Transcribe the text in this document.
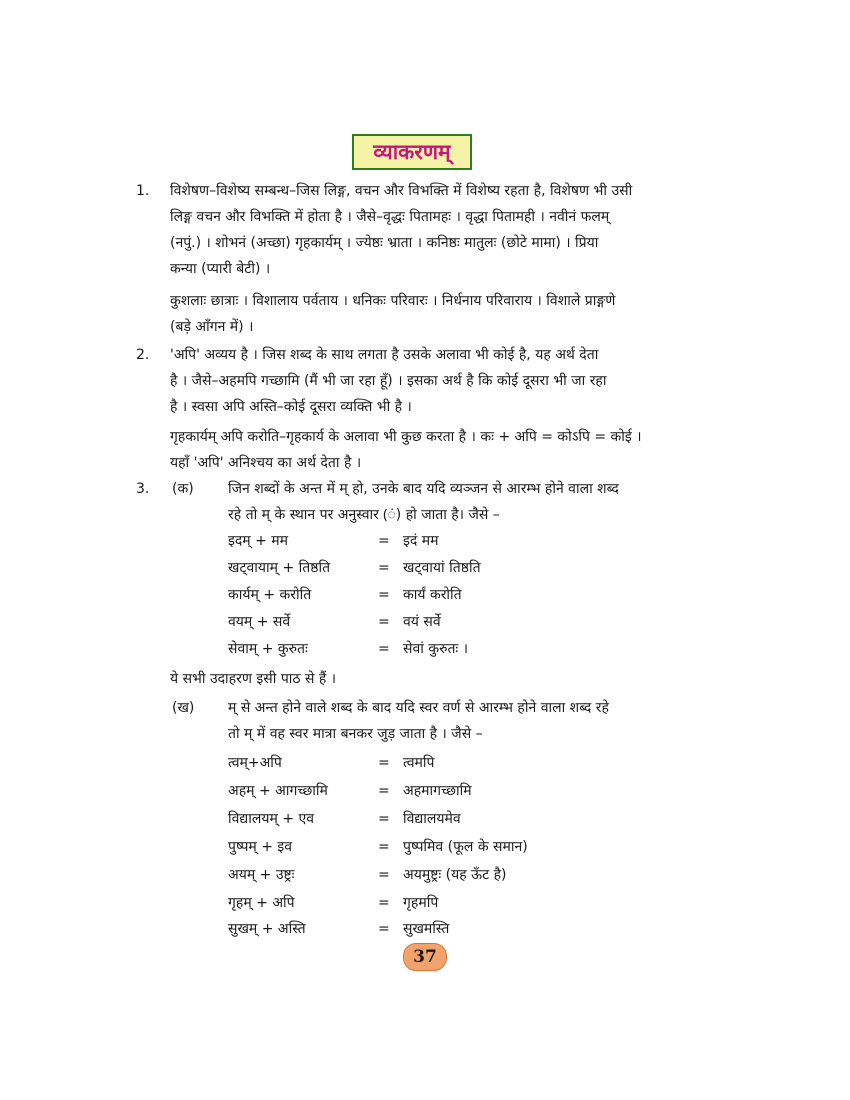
व्याकरणम्
1. विशेषण–विशेष्य सम्बन्ध–जिस लिङ्ग, वचन और विभक्ति में विशेष्य रहता है, विशेषण भी उसी
लिङ्ग वचन और विभक्ति में होता है । जैसे–वृद्धः पितामहः । वृद्धा पितामही । नवीनं फलम्
(नपुं.) । शोभनं (अच्छा) गृहकार्यम् । ज्येष्ठः भ्राता । कनिष्ठः मातुलः (छोटे मामा) । प्रिया
कन्या (प्यारी बेटी) ।
कुशलाः छात्राः । विशालाय पर्वताय । धनिकः परिवारः । निर्धनाय परिवाराय । विशाले प्राङ्गणे
(बड़े आँगन में) ।
2. 'अपि' अव्यय है । जिस शब्द के साथ लगता है उसके अलावा भी कोई है, यह अर्थ देता
है । जैसे–अहमपि गच्छामि (मैं भी जा रहा हूँ) । इसका अर्थ है कि कोई दूसरा भी जा रहा
है । स्वसा अपि अस्ति–कोई दूसरा व्यक्ति भी है ।
गृहकार्यम् अपि करोति–गृहकार्य के अलावा भी कुछ करता है । कः + अपि = कोऽपि = कोई ।
यहाँ 'अपि' अनिश्चय का अर्थ देता है ।
3. (क) जिन शब्दों के अन्त में म् हो, उनके बाद यदि व्यञ्जन से आरम्भ होने वाला शब्द
रहे तो म् के स्थान पर अनुस्वार (ं) हो जाता है। जैसे –
इदम् + मम	= इदं मम
खट्वायाम् + तिष्ठति	= खट्वायां तिष्ठति
कार्यम् + करोति	= कार्यं करोति
वयम् + सर्वे	= वयं सर्वे
सेवाम् + कुरुतः	= सेवां कुरुतः ।
ये सभी उदाहरण इसी पाठ से हैं ।
(ख) म् से अन्त होने वाले शब्द के बाद यदि स्वर वर्ण से आरम्भ होने वाला शब्द रहे
तो म् में वह स्वर मात्रा बनकर जुड़ जाता है । जैसे –
त्वम्+अपि	= त्वमपि
अहम् + आगच्छामि	= अहमागच्छामि
विद्यालयम् + एव	= विद्यालयमेव
पुष्पम् + इव	= पुष्पमिव (फूल के समान)
अयम् + उष्ट्रः	= अयमुष्ट्रः (यह ऊँट है)
गृहम् + अपि	= गृहमपि
सुखम् + अस्ति	= सुखमस्ति
37
